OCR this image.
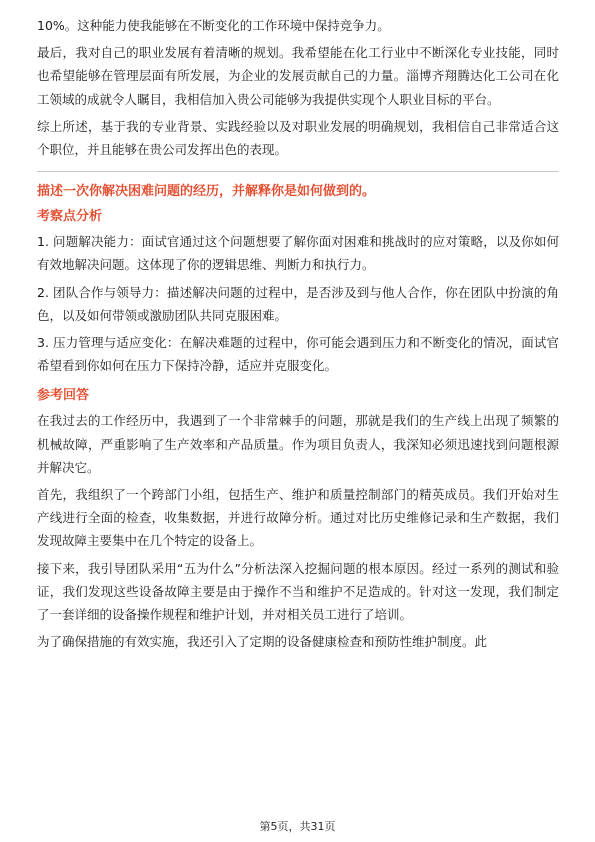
10%。这种能力使我能够在不断变化的工作环境中保持竞争力。

最后，我对自己的职业发展有着清晰的规划。我希望能在化工行业中不断深化专业技能，同时也希望能够在管理层面有所发展，为企业的发展贡献自己的力量。淄博齐翔腾达化工公司在化工领域的成就令人瞩目，我相信加入贵公司能够为我提供实现个人职业目标的平台。

综上所述，基于我的专业背景、实践经验以及对职业发展的明确规划，我相信自己非常适合这个职位，并且能够在贵公司发挥出色的表现。

描述一次你解决困难问题的经历，并解释你是如何做到的。
考察点分析

1. 问题解决能力：面试官通过这个问题想要了解你面对困难和挑战时的应对策略，以及你如何有效地解决问题。这体现了你的逻辑思维、判断力和执行力。

2. 团队合作与领导力：描述解决问题的过程中，是否涉及到与他人合作，你在团队中扮演的角色，以及如何带领或激励团队共同克服困难。

3. 压力管理与适应变化：在解决难题的过程中，你可能会遇到压力和不断变化的情况，面试官希望看到你如何在压力下保持冷静，适应并克服变化。

参考回答

在我过去的工作经历中，我遇到了一个非常棘手的问题，那就是我们的生产线上出现了频繁的机械故障，严重影响了生产效率和产品质量。作为项目负责人，我深知必须迅速找到问题根源并解决它。

首先，我组织了一个跨部门小组，包括生产、维护和质量控制部门的精英成员。我们开始对生产线进行全面的检查，收集数据，并进行故障分析。通过对比历史维修记录和生产数据，我们发现故障主要集中在几个特定的设备上。

接下来，我引导团队采用“五为什么”分析法深入挖掘问题的根本原因。经过一系列的测试和验证，我们发现这些设备故障主要是由于操作不当和维护不足造成的。针对这一发现，我们制定了一套详细的设备操作规程和维护计划，并对相关员工进行了培训。

为了确保措施的有效实施，我还引入了定期的设备健康检查和预防性维护制度。此

第5页，共31页
